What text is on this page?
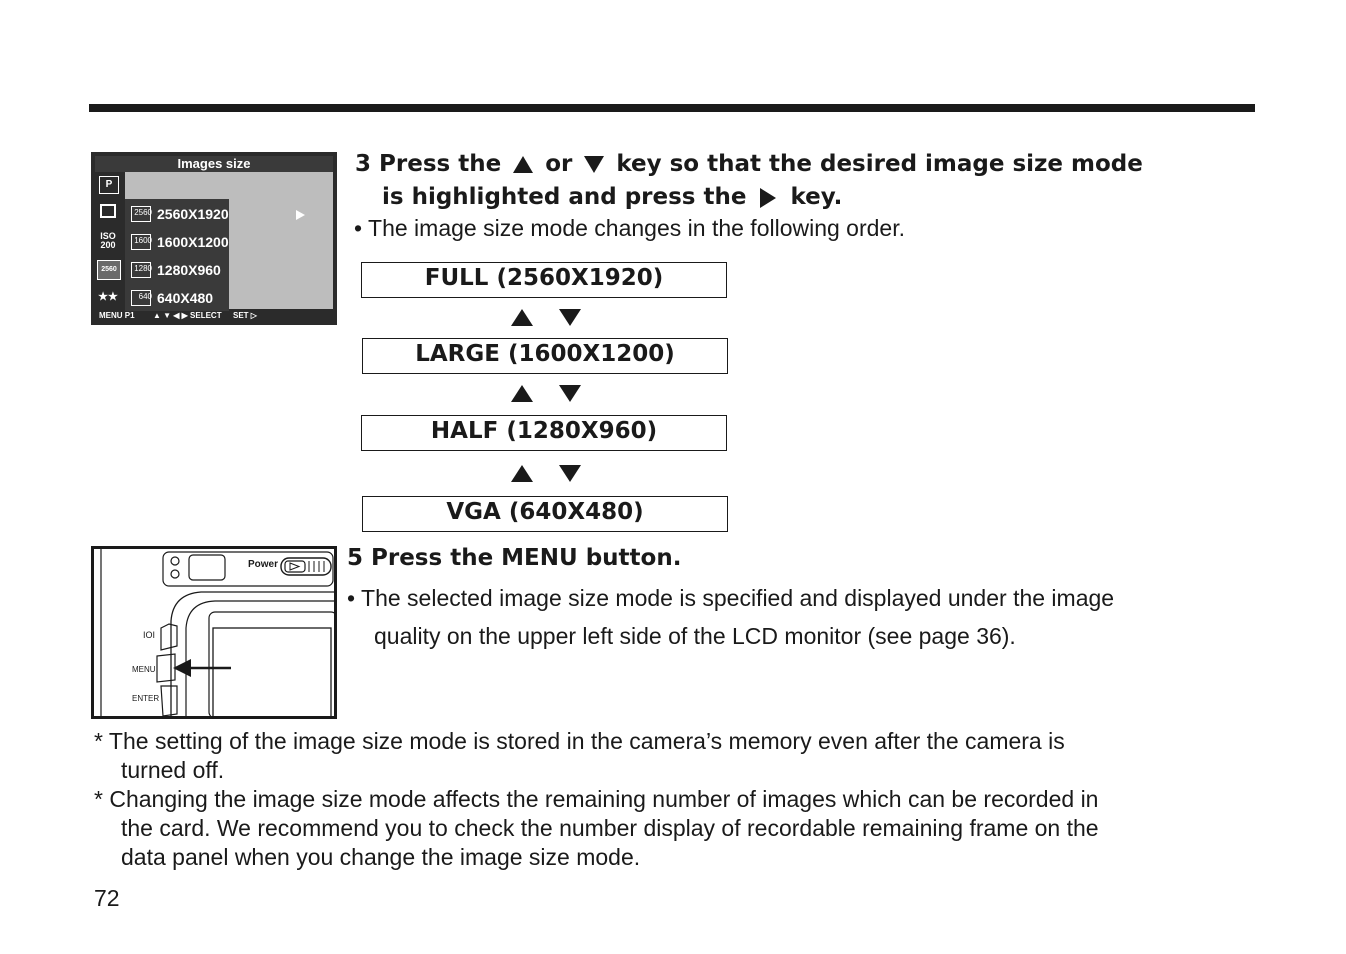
Images size
P
ISO 200
2560
★★
2560 2560X1920
1600 1600X1200
1280 1280X960
640 640X480
MENU P1 ▲ ▼ ◀ ▶ SELECT SET ▷
3 Press the or key so that the desired image size mode
is highlighted and press the key.
• The image size mode changes in the following order.
FULL (2560X1920)
LARGE (1600X1200)
HALF (1280X960)
VGA (640X480)
Power
IOI
MENU
ENTER
5 Press the MENU button.
• The selected image size mode is specified and displayed under the image
quality on the upper left side of the LCD monitor (see page 36).
* The setting of the image size mode is stored in the camera’s memory even after the camera is
turned off.
* Changing the image size mode affects the remaining number of images which can be recorded in
the card. We recommend you to check the number display of recordable remaining frame on the
data panel when you change the image size mode.
72
